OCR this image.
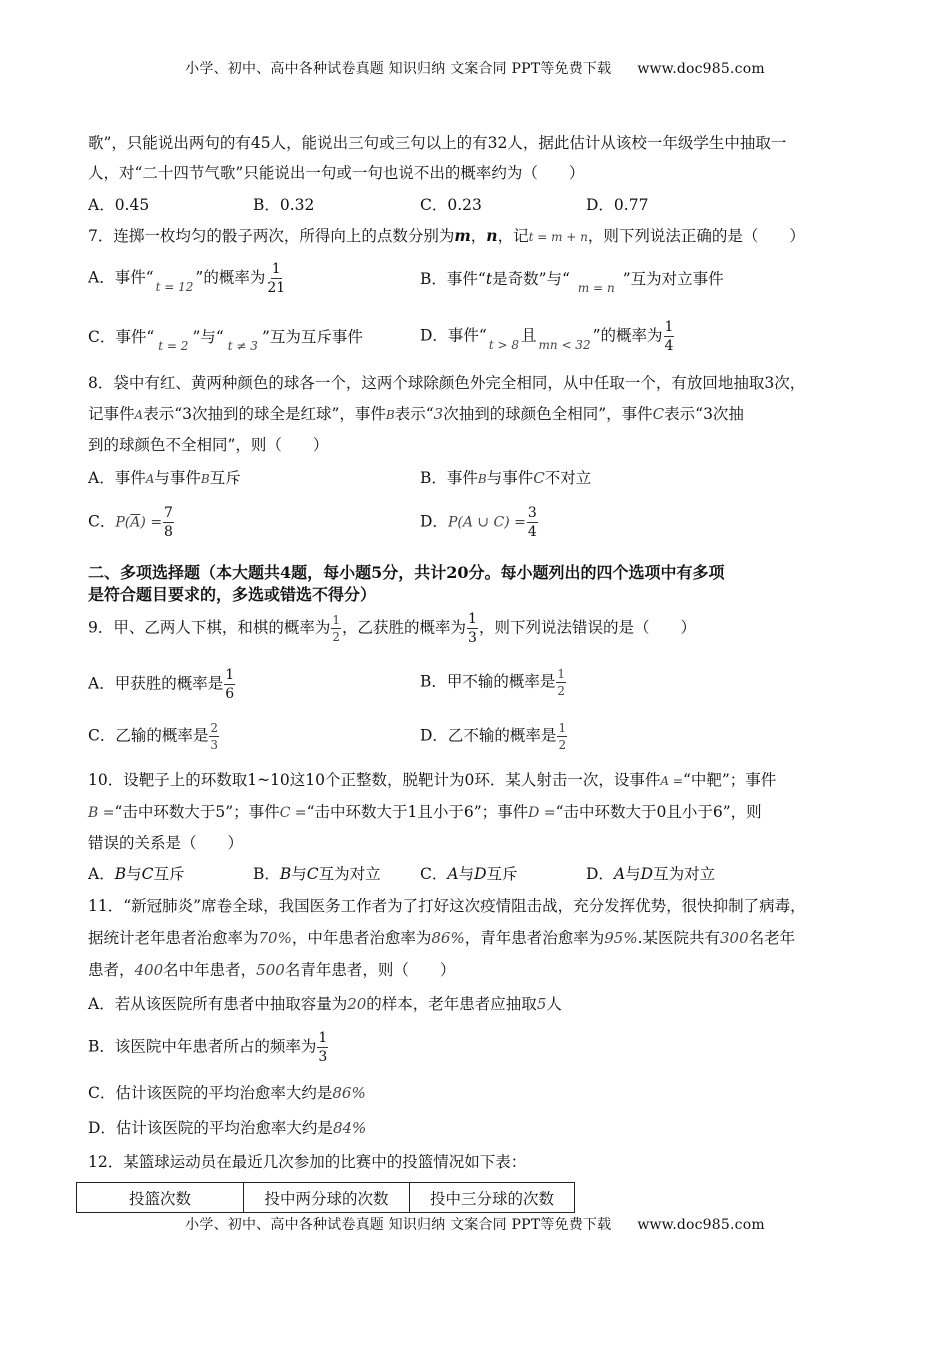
小学、初中、高中各种试卷真题 知识归纳 文案合同 PPT等免费下载 www.doc985.com
歌”，只能说出两句的有45人，能说出三句或三句以上的有32人，据此估计从该校一年级学生中抽取一
人，对“二十四节气歌”只能说出一句或一句也说不出的概率约为（　　）
A．0.45	B．0.32	C．0.23	D．0.77
7．连掷一枚均匀的骰子两次，所得向上的点数分别为m，n，记t = m + n，则下列说法正确的是（　　）
A．事件“ $_{t = 12}$ ”的概率为 $\frac{1}{21}$	B．事件“t是奇数”与“ $_{m = n}$ ”互为对立事件
C．事件“ $_{t = 2}$ ”与“ $_{t \ne 3}$ ”互为互斥事件	D．事件“ $_{t > 8}$ 且 $_{mn < 32}$ ”的概率为 $\frac{1}{4}$
8．袋中有红、黄两种颜色的球各一个，这两个球除颜色外完全相同，从中任取一个，有放回地抽取3次，
记事件A表示“3次抽到的球全是红球”，事件B表示“3次抽到的球颜色全相同”，事件C表示“3次抽
到的球颜色不全相同”，则（　　）
A．事件A与事件B互斥	B．事件B与事件C不对立
C．$P(\overline{A}) = \frac{7}{8}$	D．P(A ∪ $C) = \frac{3}{4}$
二、多项选择题（本大题共4题，每小题5分，共计20分。每小题列出的四个选项中有多项
是符合题目要求的，多选或错选不得分）
9．甲、乙两人下棋，和棋的概率为 $\frac{1}{2}$ ，乙获胜的概率为 $\frac{1}{3}$ ，则下列说法错误的是（　　）
A．甲获胜的概率是 $\frac{1}{6}$	B．甲不输的概率是 $\frac{1}{2}$
C．乙输的概率是 $\frac{2}{3}$	D．乙不输的概率是 $\frac{1}{2}$
10．设靶子上的环数取1~10这10个正整数，脱靶计为0环．某人射击一次，设事件A =“中靶”；事件
B =“击中环数大于5”；事件C =“击中环数大于1且小于6”；事件D =“击中环数大于0且小于6”，则
错误的关系是（　　）
A．B与C互斥	B．B与C互为对立	C．A与D互斥	D．A与D互为对立
11．“新冠肺炎”席卷全球，我国医务工作者为了打好这次疫情阻击战，充分发挥优势，很快抑制了病毒，
据统计老年患者治愈率为70%，中年患者治愈率为86%，青年患者治愈率为95%.某医院共有300名老年
患者，400名中年患者，500名青年患者，则（　　）
A．若从该医院所有患者中抽取容量为20的样本，老年患者应抽取5人
B．该医院中年患者所占的频率为 $\frac{1}{3}$
C．估计该医院的平均治愈率大约是86%
D．估计该医院的平均治愈率大约是84%
12．某篮球运动员在最近几次参加的比赛中的投篮情况如下表：
投篮次数	投中两分球的次数	投中三分球的次数
小学、初中、高中各种试卷真题 知识归纳 文案合同 PPT等免费下载 www.doc985.com
